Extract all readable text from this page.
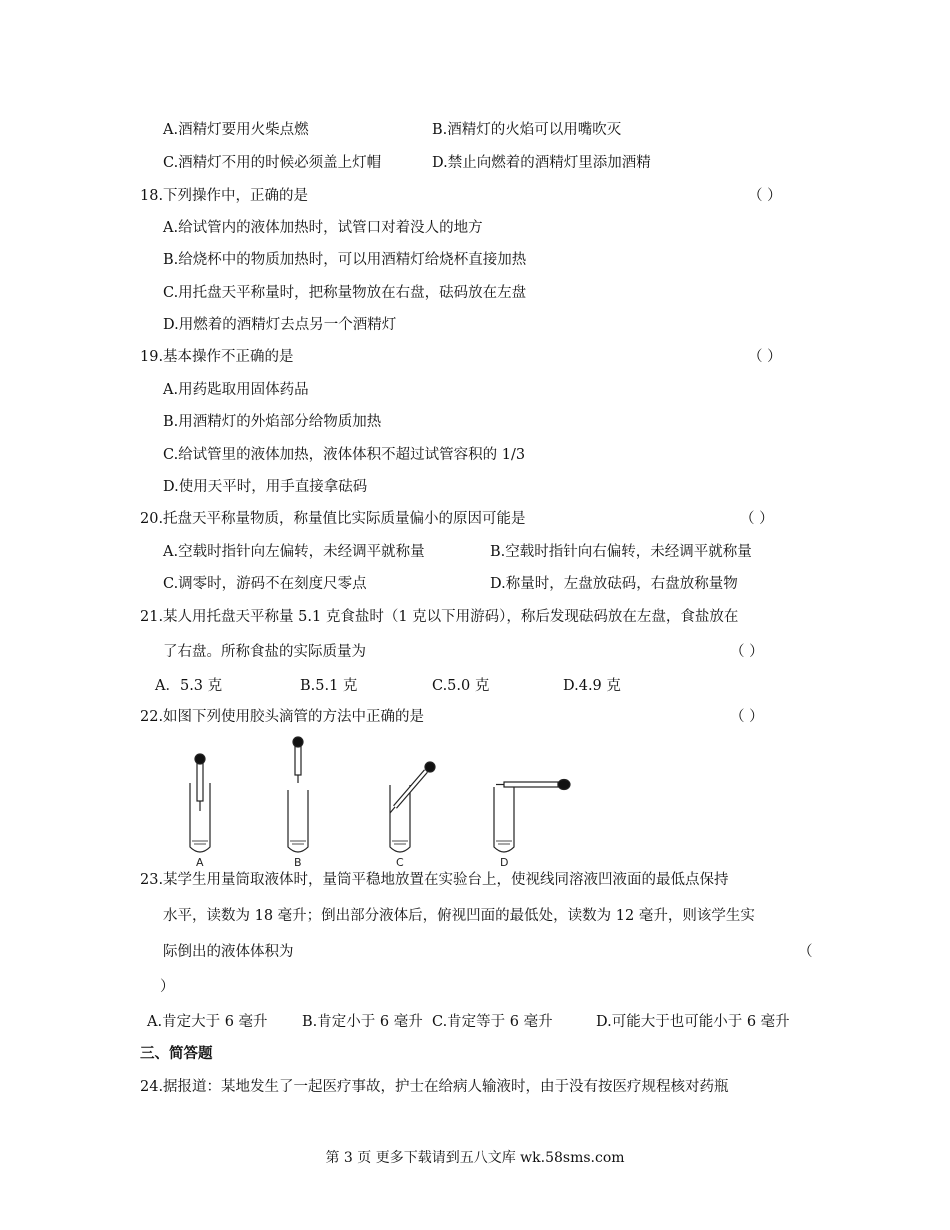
A.酒精灯要用火柴点燃	B.酒精灯的火焰可以用嘴吹灭
C.酒精灯不用的时候必须盖上灯帽	D.禁止向燃着的酒精灯里添加酒精
18.下列操作中，正确的是	（ ）
A.给试管内的液体加热时，试管口对着没人的地方
B.给烧杯中的物质加热时，可以用酒精灯给烧杯直接加热
C.用托盘天平称量时，把称量物放在右盘，砝码放在左盘
D.用燃着的酒精灯去点另一个酒精灯
19.基本操作不正确的是	（ ）
A.用药匙取用固体药品
B.用酒精灯的外焰部分给物质加热
C.给试管里的液体加热，液体体积不超过试管容积的 1/3
D.使用天平时，用手直接拿砝码
20.托盘天平称量物质，称量值比实际质量偏小的原因可能是	（ ）
A.空载时指针向左偏转，未经调平就称量	B.空载时指针向右偏转，未经调平就称量
C.调零时，游码不在刻度尺零点	D.称量时，左盘放砝码，右盘放称量物
21.某人用托盘天平称量 5.1 克食盐时（1 克以下用游码），称后发现砝码放在左盘，食盐放在
了右盘。所称食盐的实际质量为	（ ）
A．5.3 克	B.5.1 克	C.5.0 克	D.4.9 克
22.如图下列使用胶头滴管的方法中正确的是	（ ）
A	B	C	D
23.某学生用量筒取液体时，量筒平稳地放置在实验台上，使视线同溶液凹液面的最低点保持
水平，读数为 18 毫升；倒出部分液体后，俯视凹面的最低处，读数为 12 毫升，则该学生实
际倒出的液体体积为	（
）
A.肯定大于 6 毫升 B.肯定小于 6 毫升 C.肯定等于 6 毫升	D.可能大于也可能小于 6 毫升
三、简答题
24.据报道：某地发生了一起医疗事故，护士在给病人输液时，由于没有按医疗规程核对药瓶
第 3 页 更多下载请到五八文库 wk.58sms.com
